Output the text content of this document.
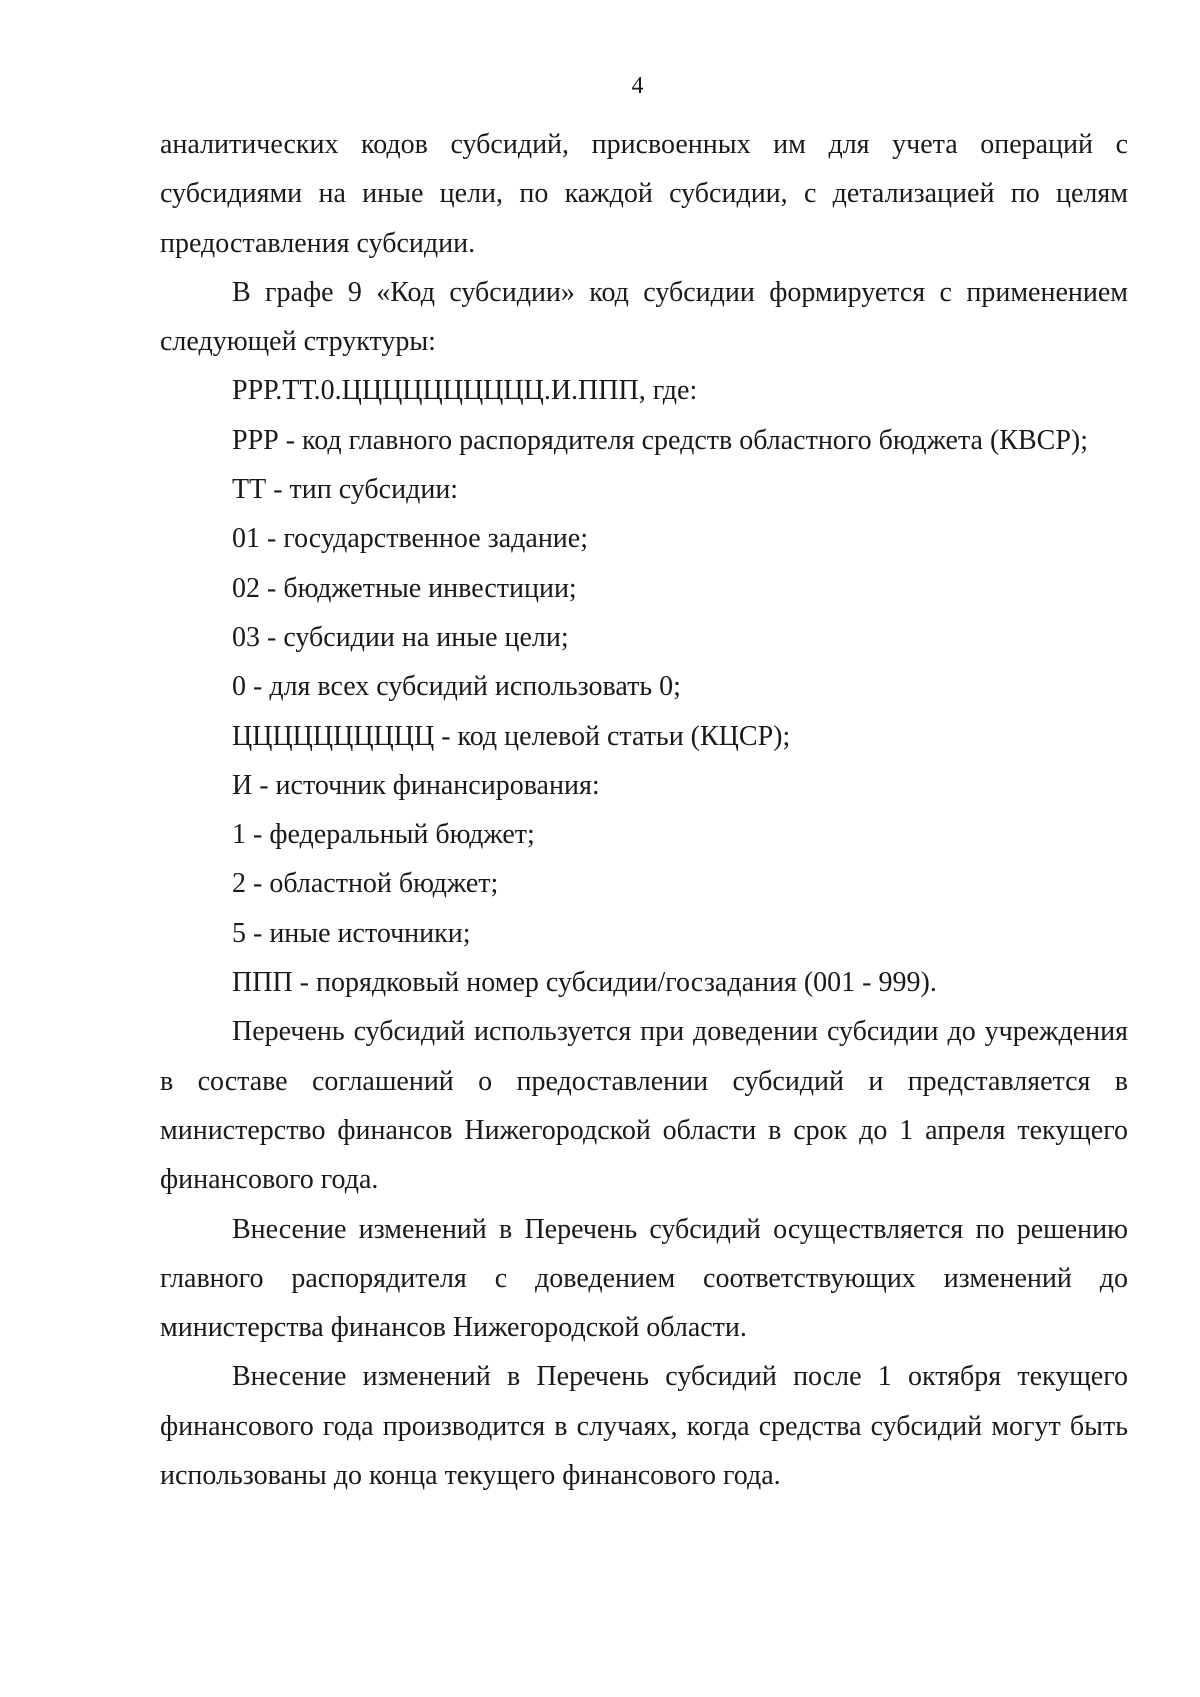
4

аналитических кодов субсидий, присвоенных им для учета операций с субсидиями на иные цели, по каждой субсидии, с детализацией по целям предоставления субсидии.

В графе 9 «Код субсидии» код субсидии формируется с применением следующей структуры:

РРР.ТТ.0.ЦЦЦЦЦЦЦЦЦЦ.И.ППП, где:

РРР - код главного распорядителя средств областного бюджета (КВСР);

ТТ - тип субсидии:

01 - государственное задание;

02 - бюджетные инвестиции;

03 - субсидии на иные цели;

0 - для всех субсидий использовать 0;

ЦЦЦЦЦЦЦЦЦЦ - код целевой статьи (КЦСР);

И - источник финансирования:

1 - федеральный бюджет;

2 - областной бюджет;

5 - иные источники;

ППП - порядковый номер субсидии/госзадания (001 - 999).

Перечень субсидий используется при доведении субсидии до учреждения в составе соглашений о предоставлении субсидий и представляется в министерство финансов Нижегородской области в срок до 1 апреля текущего финансового года.

Внесение изменений в Перечень субсидий осуществляется по решению главного распорядителя с доведением соответствующих изменений до министерства финансов Нижегородской области.

Внесение изменений в Перечень субсидий после 1 октября текущего финансового года производится в случаях, когда средства субсидий могут быть использованы до конца текущего финансового года.
